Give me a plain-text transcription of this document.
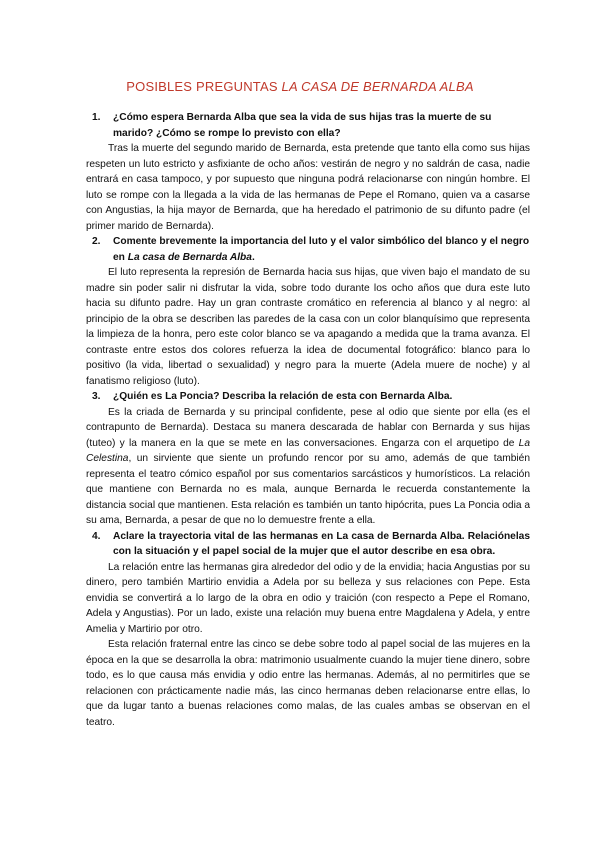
POSIBLES PREGUNTAS LA CASA DE BERNARDA ALBA
1.	¿Cómo espera Bernarda Alba que sea la vida de sus hijas tras la muerte de su marido? ¿Cómo se rompe lo previsto con ella?

Tras la muerte del segundo marido de Bernarda, esta pretende que tanto ella como sus hijas respeten un luto estricto y asfixiante de ocho años: vestirán de negro y no saldrán de casa, nadie entrará en casa tampoco, y por supuesto que ninguna podrá relacionarse con ningún hombre. El luto se rompe con la llegada a la vida de las hermanas de Pepe el Romano, quien va a casarse con Angustias, la hija mayor de Bernarda, que ha heredado el patrimonio de su difunto padre (el primer marido de Bernarda).

2.	Comente brevemente la importancia del luto y el valor simbólico del blanco y el negro en La casa de Bernarda Alba.

El luto representa la represión de Bernarda hacia sus hijas, que viven bajo el mandato de su madre sin poder salir ni disfrutar la vida, sobre todo durante los ocho años que dura este luto hacia su difunto padre. Hay un gran contraste cromático en referencia al blanco y al negro: al principio de la obra se describen las paredes de la casa con un color blanquísimo que representa la limpieza de la honra, pero este color blanco se va apagando a medida que la trama avanza. El contraste entre estos dos colores refuerza la idea de documental fotográfico: blanco para lo positivo (la vida, libertad o sexualidad) y negro para la muerte (Adela muere de noche) y al fanatismo religioso (luto).

3.	¿Quién es La Poncia? Describa la relación de esta con Bernarda Alba.

Es la criada de Bernarda y su principal confidente, pese al odio que siente por ella (es el contrapunto de Bernarda). Destaca su manera descarada de hablar con Bernarda y sus hijas (tuteo) y la manera en la que se mete en las conversaciones. Engarza con el arquetipo de La Celestina, un sirviente que siente un profundo rencor por su amo, además de que también representa el teatro cómico español por sus comentarios sarcásticos y humorísticos. La relación que mantiene con Bernarda no es mala, aunque Bernarda le recuerda constantemente la distancia social que mantienen. Esta relación es también un tanto hipócrita, pues La Poncia odia a su ama, Bernarda, a pesar de que no lo demuestre frente a ella.

4.	Aclare la trayectoria vital de las hermanas en La casa de Bernarda Alba. Relaciónelas con la situación y el papel social de la mujer que el autor describe en esa obra.

La relación entre las hermanas gira alrededor del odio y de la envidia; hacia Angustias por su dinero, pero también Martirio envidia a Adela por su belleza y sus relaciones con Pepe. Esta envidia se convertirá a lo largo de la obra en odio y traición (con respecto a Pepe el Romano, Adela y Angustias). Por un lado, existe una relación muy buena entre Magdalena y Adela, y entre Amelia y Martirio por otro.

Esta relación fraternal entre las cinco se debe sobre todo al papel social de las mujeres en la época en la que se desarrolla la obra: matrimonio usualmente cuando la mujer tiene dinero, sobre todo, es lo que causa más envidia y odio entre las hermanas. Además, al no permitirles que se relacionen con prácticamente nadie más, las cinco hermanas deben relacionarse entre ellas, lo que da lugar tanto a buenas relaciones como malas, de las cuales ambas se observan en el teatro.
